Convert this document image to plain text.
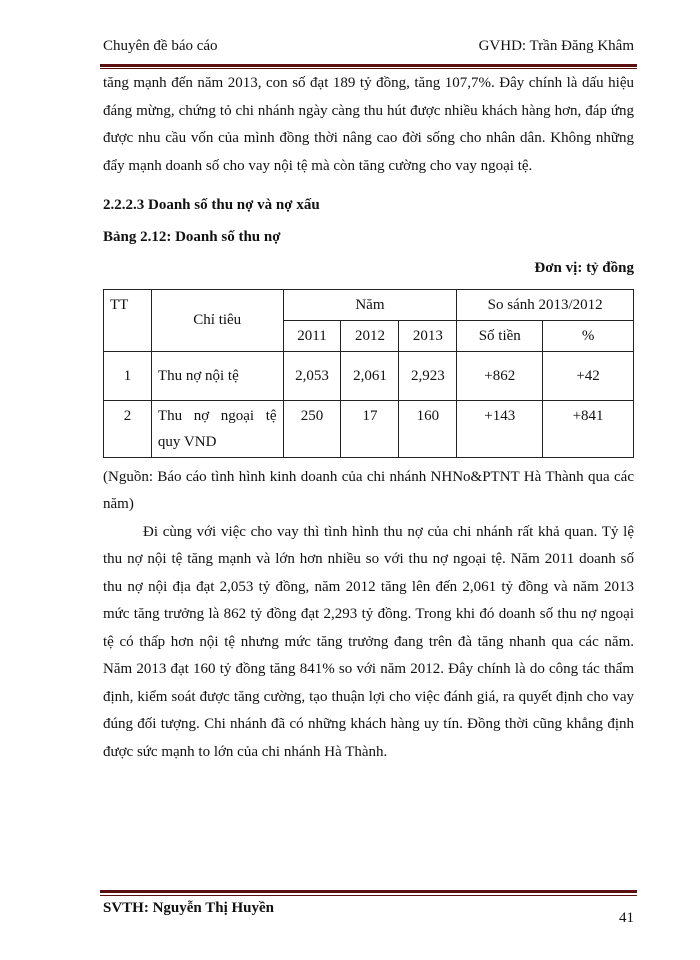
Chuyên đề báo cáo	GVHD: Trần Đăng Khâm

tăng mạnh đến năm 2013, con số đạt 189 tỷ đồng, tăng 107,7%. Đây chính là dấu hiệu đáng mừng, chứng tỏ chi nhánh ngày càng thu hút được nhiều khách hàng hơn, đáp ứng được nhu cầu vốn của mình đồng thời nâng cao đời sống cho nhân dân. Không những đẩy mạnh doanh số cho vay nội tệ mà còn tăng cường cho vay ngoại tệ.

2.2.2.3 Doanh số thu nợ và nợ xấu

Bảng 2.12: Doanh số thu nợ

Đơn vị: tỷ đồng

TT	Chỉ tiêu	Năm			So sánh 2013/2012	
		2011	2012	2013	Số tiền	%
1	Thu nợ nội tệ	2,053	2,061	2,923	+862	+42
2	Thu nợ ngoại tệ quy VND	250	17	160	+143	+841

(Nguồn: Báo cáo tình hình kinh doanh của chi nhánh NHNo&PTNT Hà Thành qua các năm)

Đi cùng với việc cho vay thì tình hình thu nợ của chi nhánh rất khả quan. Tỷ lệ thu nợ nội tệ tăng mạnh và lớn hơn nhiều so với thu nợ ngoại tệ. Năm 2011 doanh số thu nợ nội địa đạt 2,053 tỷ đồng, năm 2012 tăng lên đến 2,061 tỷ đồng và năm 2013 mức tăng trưởng là 862 tỷ đồng đạt 2,293 tỷ đồng. Trong khi đó doanh số thu nợ ngoại tệ có thấp hơn nội tệ nhưng mức tăng trưởng đang trên đà tăng nhanh qua các năm. Năm 2013 đạt 160 tỷ đồng tăng 841% so với năm 2012. Đây chính là do công tác thẩm định, kiểm soát được tăng cường, tạo thuận lợi cho việc đánh giá, ra quyết định cho vay đúng đối tượng. Chi nhánh đã có những khách hàng uy tín. Đồng thời cũng khẳng định được sức mạnh to lớn của chi nhánh Hà Thành.

SVTH: Nguyễn Thị Huyền
41
